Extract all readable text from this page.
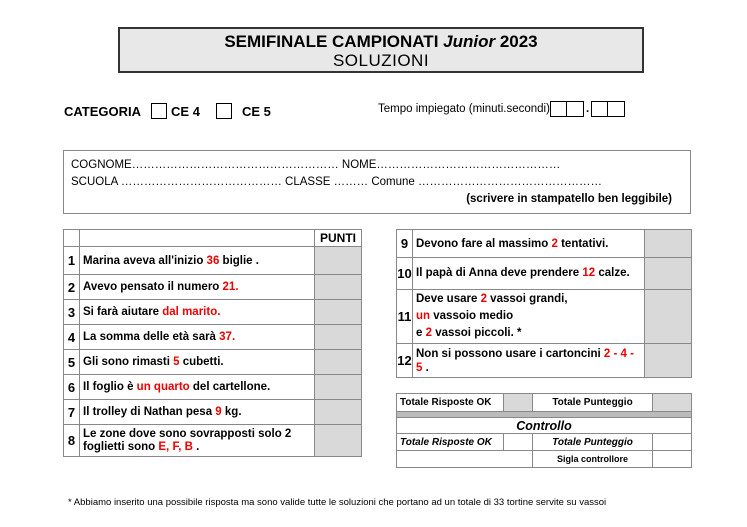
SEMIFINALE CAMPIONATI Junior 2023
SOLUZIONI
CATEGORIA CE 4	CE 5	Tempo impiegato (minuti.secondi)	.
COGNOME……………………………………………… NOME…………………………………………
SCUOLA …………………………………… CLASSE ……… Comune …………………………………………
(scrivere in stampatello ben leggibile)
		PUNTI
1	Marina aveva all'inizio 36 biglie .	
2	Avevo pensato il numero 21.	
3	Si farà aiutare dal marito.	
4	La somma delle età sarà 37.	
5	Gli sono rimasti 5 cubetti.	
6	Il foglio è un quarto del cartellone.	
7	Il trolley di Nathan pesa 9 kg.	
8	Le zone dove sono sovrapposti solo 2 foglietti sono E, F, B .	
9	Devono fare al massimo 2 tentativi.	
10	Il papà di Anna deve prendere 12 calze.	
11	Deve usare 2 vassoi grandi,
un vassoio medio
e 2 vassoi piccoli. *	

12	Non si possono usare i cartoncini 2 - 4 - 5 .	
Totale Risposte OK		Totale Punteggio	

Controllo			
Totale Risposte OK		Totale Punteggio	
		Sigla controllore	
* Abbiamo inserito una possibile risposta ma sono valide tutte le soluzioni che portano ad un totale di 33 tortine servite su vassoi
